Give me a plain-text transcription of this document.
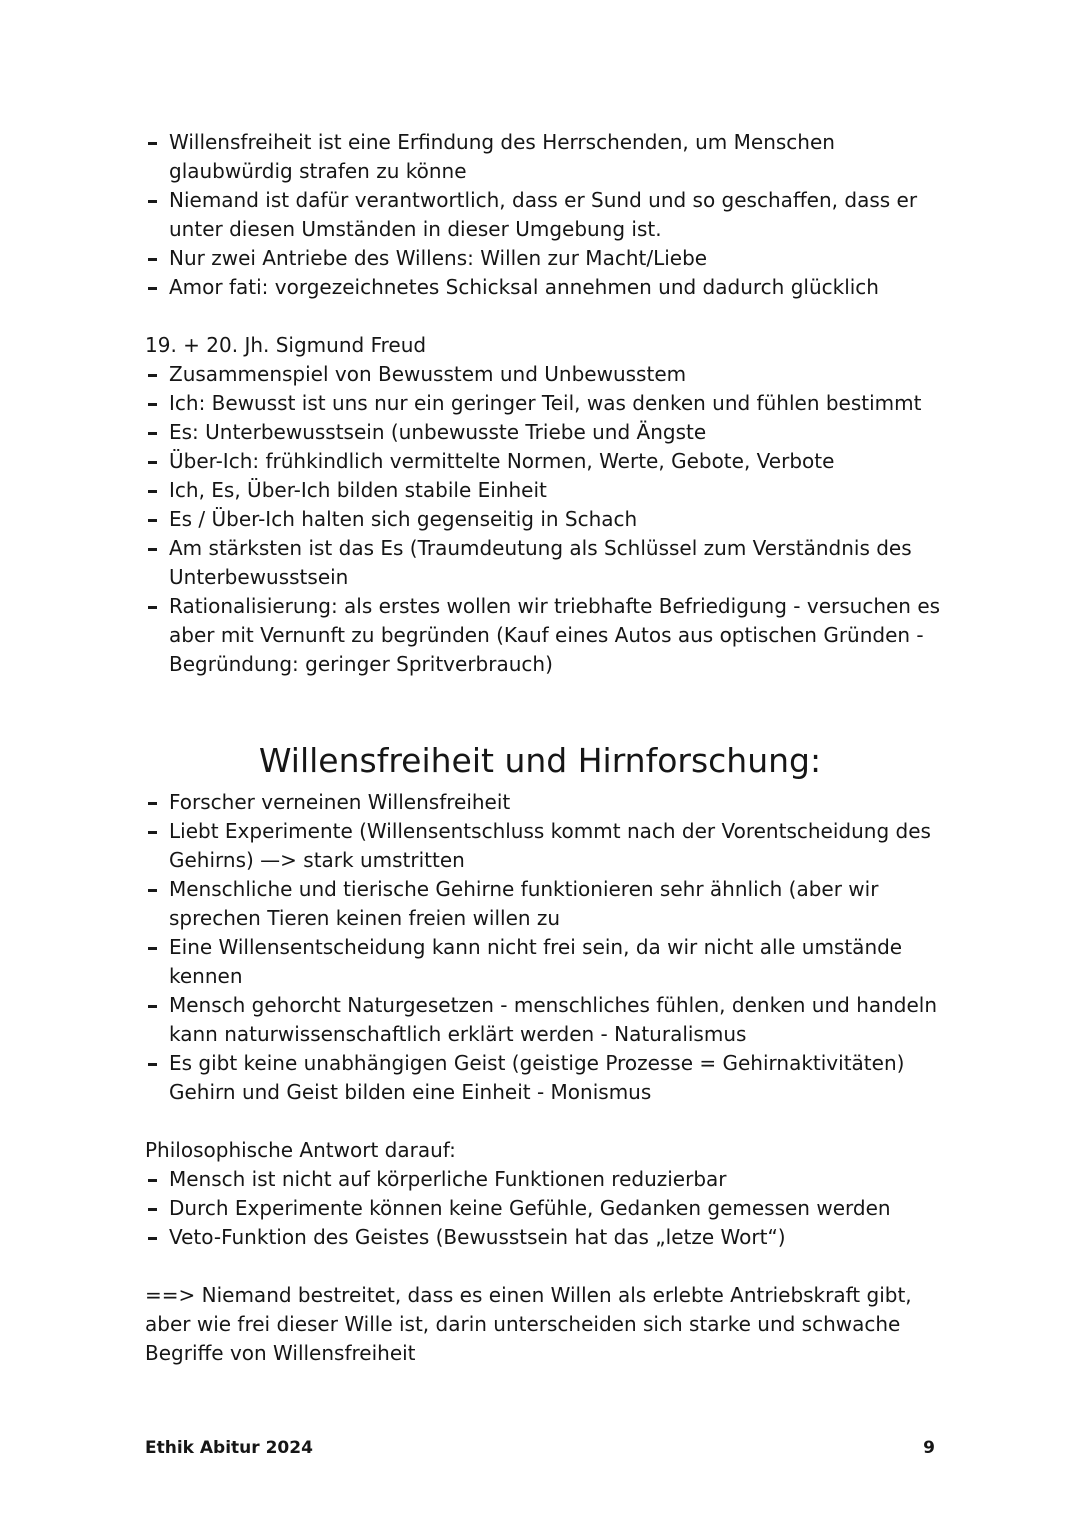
Willensfreiheit ist eine Erfindung des Herrschenden, um Menschen glaubwürdig strafen zu könne
Niemand ist dafür verantwortlich, dass er Sund und so geschaffen, dass er unter diesen Umständen in dieser Umgebung ist.
Nur zwei Antriebe des Willens: Willen zur Macht/Liebe
Amor fati: vorgezeichnetes Schicksal annehmen und dadurch glücklich

19. + 20. Jh. Sigmund Freud

Zusammenspiel von Bewusstem und Unbewusstem
Ich: Bewusst ist uns nur ein geringer Teil, was denken und fühlen bestimmt
Es: Unterbewusstsein (unbewusste Triebe und Ängste
Über-Ich: frühkindlich vermittelte Normen, Werte, Gebote, Verbote
Ich, Es, Über-Ich bilden stabile Einheit
Es / Über-Ich halten sich gegenseitig in Schach
Am stärksten ist das Es (Traumdeutung als Schlüssel zum Verständnis des Unterbewusstsein
Rationalisierung: als erstes wollen wir triebhafte Befriedigung - versuchen es aber mit Vernunft zu begründen (Kauf eines Autos aus optischen Gründen - Begründung: geringer Spritverbrauch)
Willensfreiheit und Hirnforschung:
Forscher verneinen Willensfreiheit
Liebt Experimente (Willensentschluss kommt nach der Vorentscheidung des Gehirns) —> stark umstritten
Menschliche und tierische Gehirne funktionieren sehr ähnlich (aber wir sprechen Tieren keinen freien willen zu
Eine Willensentscheidung kann nicht frei sein, da wir nicht alle umstände kennen
Mensch gehorcht Naturgesetzen - menschliches fühlen, denken und handeln kann naturwissenschaftlich erklärt werden - Naturalismus
Es gibt keine unabhängigen Geist (geistige Prozesse = Gehirnaktivitäten) Gehirn und Geist bilden eine Einheit - Monismus

Philosophische Antwort darauf:

Mensch ist nicht auf körperliche Funktionen reduzierbar
Durch Experimente können keine Gefühle, Gedanken gemessen werden
Veto-Funktion des Geistes (Bewusstsein hat das „letze Wort“)

==> Niemand bestreitet, dass es einen Willen als erlebte Antriebskraft gibt, aber wie frei dieser Wille ist, darin unterscheiden sich starke und schwache Begriffe von Willensfreiheit

Ethik Abitur 2024	9
